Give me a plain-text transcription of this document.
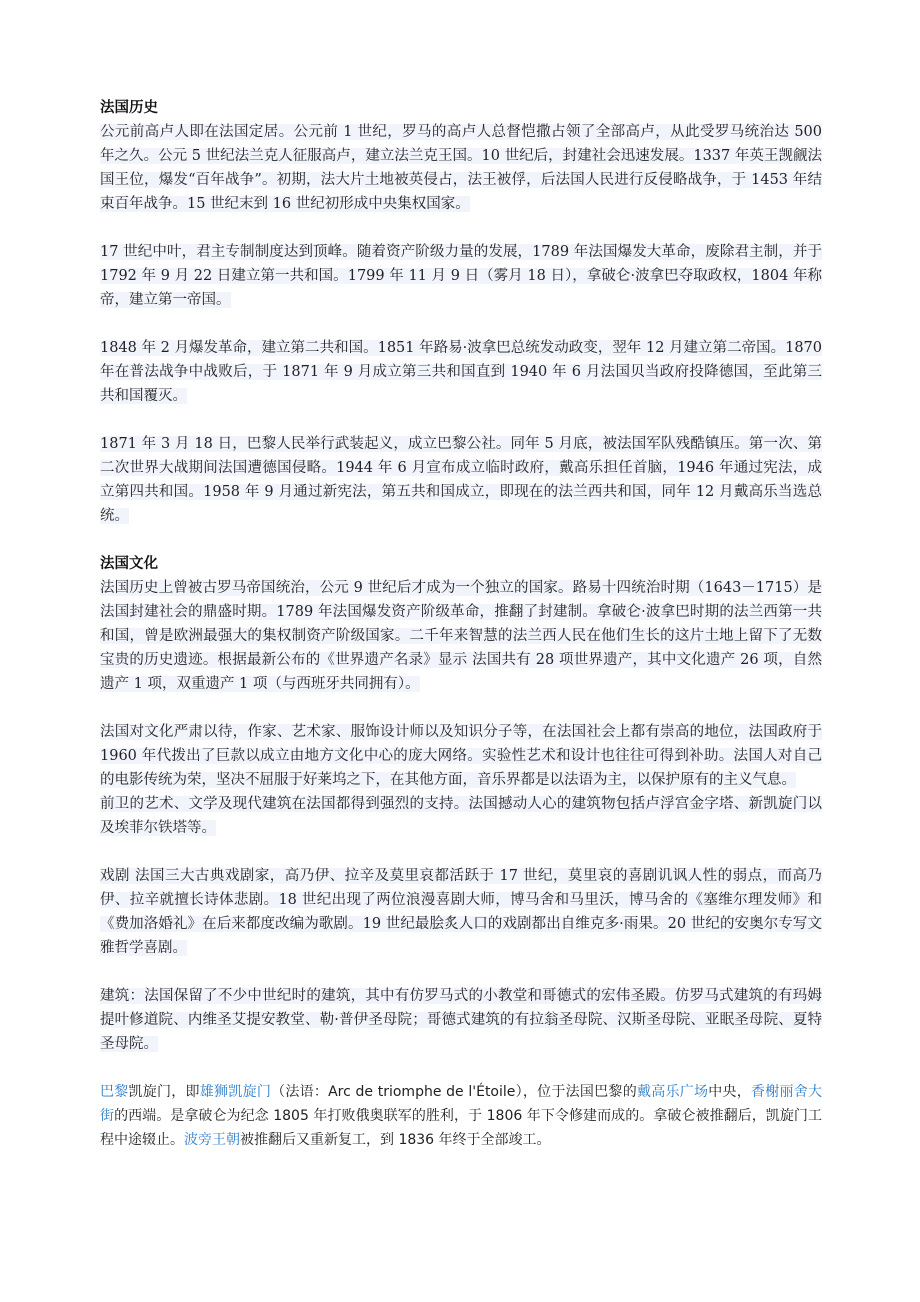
法国历史

公元前高卢人即在法国定居。公元前 1 世纪，罗马的高卢人总督恺撒占领了全部高卢，从此受罗马统治达 500 年之久。公元 5 世纪法兰克人征服高卢，建立法兰克王国。10 世纪后，封建社会迅速发展。1337 年英王觊觎法国王位，爆发“百年战争”。初期，法大片土地被英侵占，法王被俘，后法国人民进行反侵略战争，于 1453 年结束百年战争。15 世纪末到 16 世纪初形成中央集权国家。

17 世纪中叶，君主专制制度达到顶峰。随着资产阶级力量的发展，1789 年法国爆发大革命，废除君主制，并于 1792 年 9 月 22 日建立第一共和国。1799 年 11 月 9 日（雾月 18 日），拿破仑·波拿巴夺取政权，1804 年称帝，建立第一帝国。

1848 年 2 月爆发革命，建立第二共和国。1851 年路易·波拿巴总统发动政变，翌年 12 月建立第二帝国。1870 年在普法战争中战败后，于 1871 年 9 月成立第三共和国直到 1940 年 6 月法国贝当政府投降德国，至此第三共和国覆灭。

1871 年 3 月 18 日，巴黎人民举行武装起义，成立巴黎公社。同年 5 月底，被法国军队残酷镇压。第一次、第二次世界大战期间法国遭德国侵略。1944 年 6 月宣布成立临时政府，戴高乐担任首脑，1946 年通过宪法，成立第四共和国。1958 年 9 月通过新宪法，第五共和国成立，即现在的法兰西共和国，同年 12 月戴高乐当选总统。

法国文化

法国历史上曾被古罗马帝国统治，公元 9 世纪后才成为一个独立的国家。路易十四统治时期（1643－1715）是法国封建社会的鼎盛时期。1789 年法国爆发资产阶级革命，推翻了封建制。拿破仑·波拿巴时期的法兰西第一共和国，曾是欧洲最强大的集权制资产阶级国家。二千年来智慧的法兰西人民在他们生长的这片土地上留下了无数宝贵的历史遗迹。根据最新公布的《世界遗产名录》显示 法国共有 28 项世界遗产，其中文化遗产 26 项，自然遗产 1 项，双重遗产 1 项（与西班牙共同拥有）。

法国对文化严肃以待，作家、艺术家、服饰设计师以及知识分子等，在法国社会上都有崇高的地位，法国政府于 1960 年代拨出了巨款以成立由地方文化中心的庞大网络。实验性艺术和设计也往往可得到补助。法国人对自己的电影传统为荣，坚决不屈服于好莱坞之下，在其他方面，音乐界都是以法语为主，以保护原有的主义气息。

前卫的艺术、文学及现代建筑在法国都得到强烈的支持。法国撼动人心的建筑物包括卢浮宫金字塔、新凯旋门以及埃菲尔铁塔等。

戏剧 法国三大古典戏剧家，高乃伊、拉辛及莫里哀都活跃于 17 世纪，莫里哀的喜剧讥讽人性的弱点，而高乃伊、拉辛就擅长诗体悲剧。18 世纪出现了两位浪漫喜剧大师，博马舍和马里沃，博马舍的《塞维尔理发师》和《费加洛婚礼》在后来都度改编为歌剧。19 世纪最脍炙人口的戏剧都出自维克多·雨果。20 世纪的安奥尔专写文雅哲学喜剧。

建筑：法国保留了不少中世纪时的建筑，其中有仿罗马式的小教堂和哥德式的宏伟圣殿。仿罗马式建筑的有玛姆提叶修道院、内维圣艾提安教堂、勒·普伊圣母院；哥德式建筑的有拉翁圣母院、汉斯圣母院、亚眠圣母院、夏特圣母院。

巴黎凯旋门，即雄狮凯旋门（法语：Arc de triomphe de l'Étoile），位于法国巴黎的戴高乐广场中央，香榭丽舍大街的西端。是拿破仑为纪念 1805 年打败俄奥联军的胜利，于 1806 年下令修建而成的。拿破仑被推翻后，凯旋门工程中途辍止。波旁王朝被推翻后又重新复工，到 1836 年终于全部竣工。
